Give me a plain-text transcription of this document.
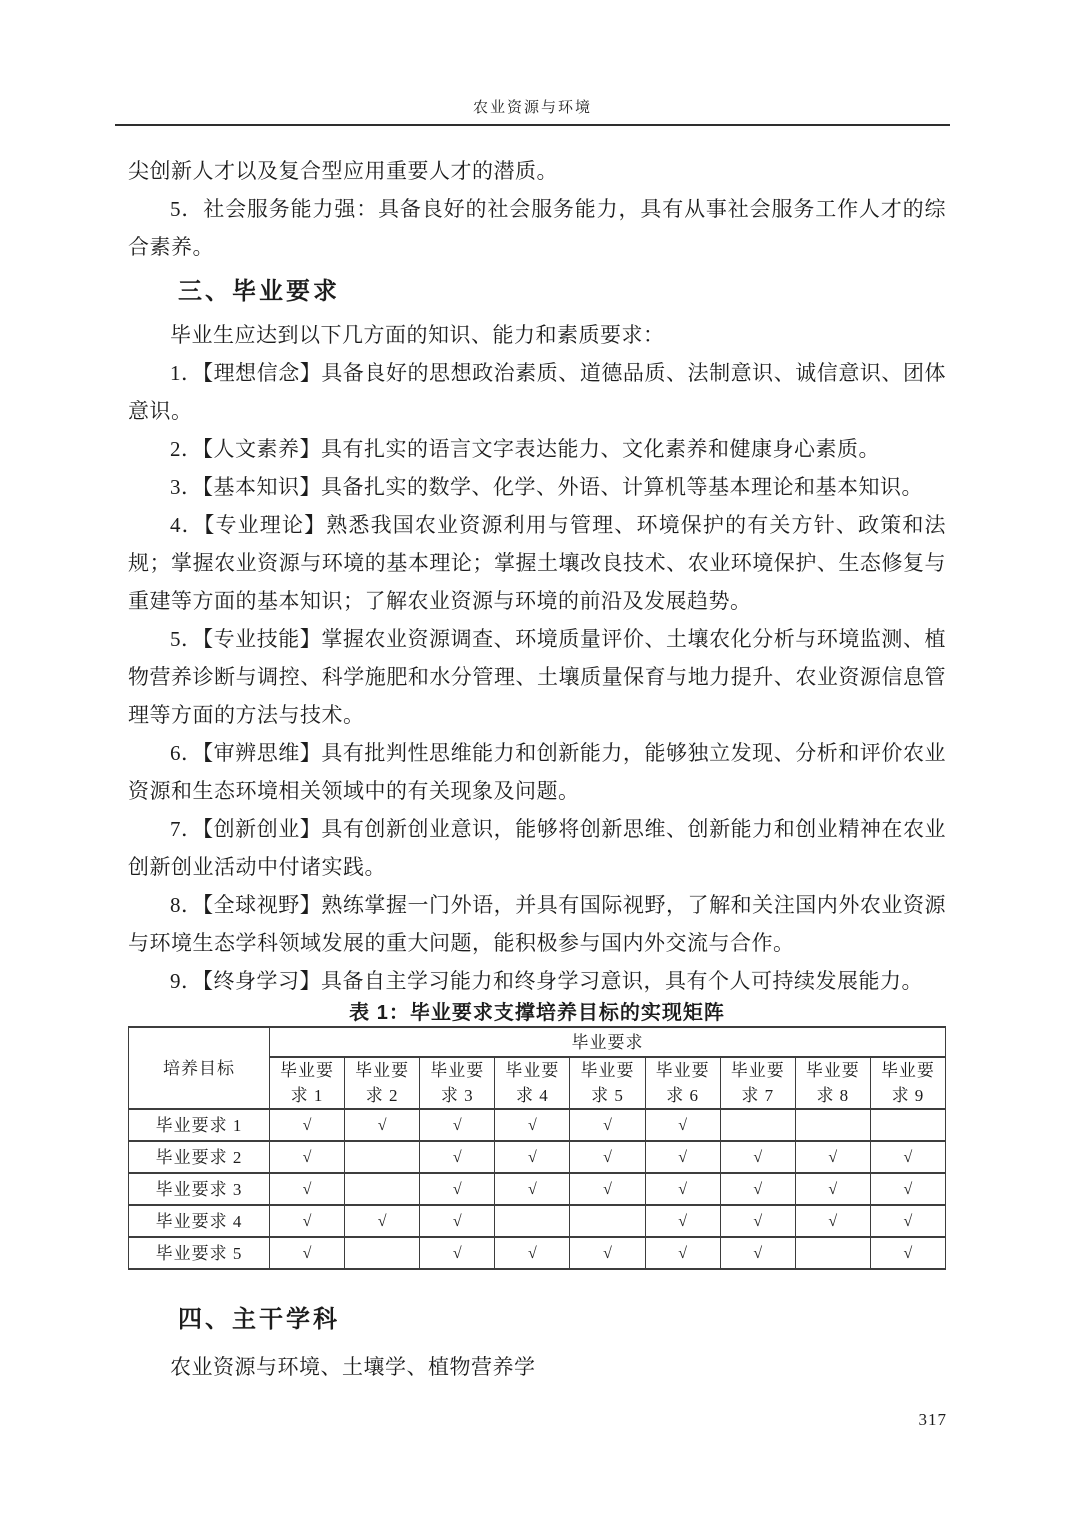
农业资源与环境

尖创新人才以及复合型应用重要人才的潜质。

5．社会服务能力强：具备良好的社会服务能力，具有从事社会服务工作人才的综合素养。

三、毕业要求

毕业生应达到以下几方面的知识、能力和素质要求：

1．【理想信念】具备良好的思想政治素质、道德品质、法制意识、诚信意识、团体意识。

2．【人文素养】具有扎实的语言文字表达能力、文化素养和健康身心素质。

3．【基本知识】具备扎实的数学、化学、外语、计算机等基本理论和基本知识。

4．【专业理论】熟悉我国农业资源利用与管理、环境保护的有关方针、政策和法规；掌握农业资源与环境的基本理论；掌握土壤改良技术、农业环境保护、生态修复与重建等方面的基本知识；了解农业资源与环境的前沿及发展趋势。

5．【专业技能】掌握农业资源调查、环境质量评价、土壤农化分析与环境监测、植物营养诊断与调控、科学施肥和水分管理、土壤质量保育与地力提升、农业资源信息管理等方面的方法与技术。

6．【审辨思维】具有批判性思维能力和创新能力，能够独立发现、分析和评价农业资源和生态环境相关领域中的有关现象及问题。

7．【创新创业】具有创新创业意识，能够将创新思维、创新能力和创业精神在农业创新创业活动中付诸实践。

8．【全球视野】熟练掌握一门外语，并具有国际视野，了解和关注国内外农业资源与环境生态学科领域发展的重大问题，能积极参与国内外交流与合作。

9．【终身学习】具备自主学习能力和终身学习意识，具有个人可持续发展能力。

表 1：毕业要求支撑培养目标的实现矩阵

培养目标	毕业要求								
	毕业要求 1	毕业要求 2	毕业要求 3	毕业要求 4	毕业要求 5	毕业要求 6	毕业要求 7	毕业要求 8	毕业要求 9
毕业要求 1	√	√	√	√	√	√			
毕业要求 2	√		√	√	√	√	√	√	√
毕业要求 3	√		√	√	√	√	√	√	√
毕业要求 4	√	√	√			√	√	√	√
毕业要求 5	√		√	√	√	√	√		√
四、主干学科

农业资源与环境、土壤学、植物营养学

317
